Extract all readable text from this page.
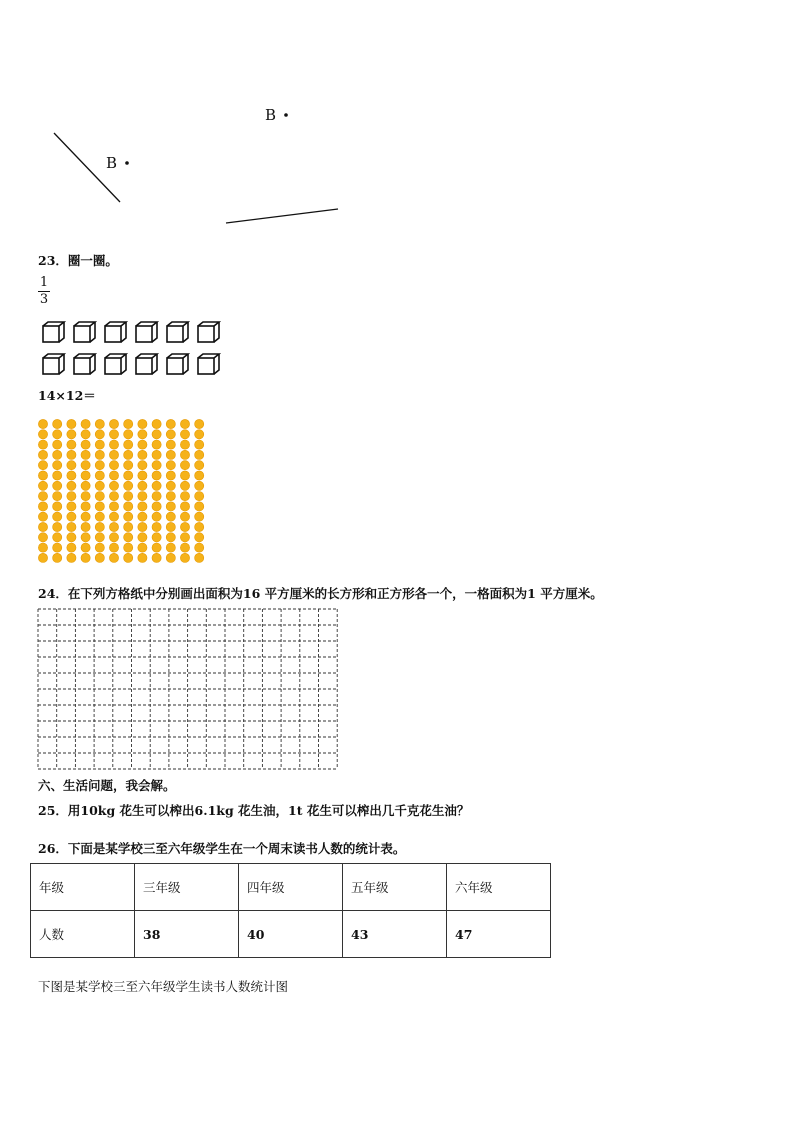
B
B
23．圈一圈。
1
3
14×12＝
24．在下列方格纸中分别画出面积为16 平方厘米的长方形和正方形各一个，一格面积为1 平方厘米。
六、生活问题，我会解。
25．用10kg 花生可以榨出6.1kg 花生油，1t 花生可以榨出几千克花生油？
26．下面是某学校三至六年级学生在一个周末读书人数的统计表。
年级	三年级	四年级	五年级	六年级
人数	38	40	43	47
下图是某学校三至六年级学生读书人数统计图
